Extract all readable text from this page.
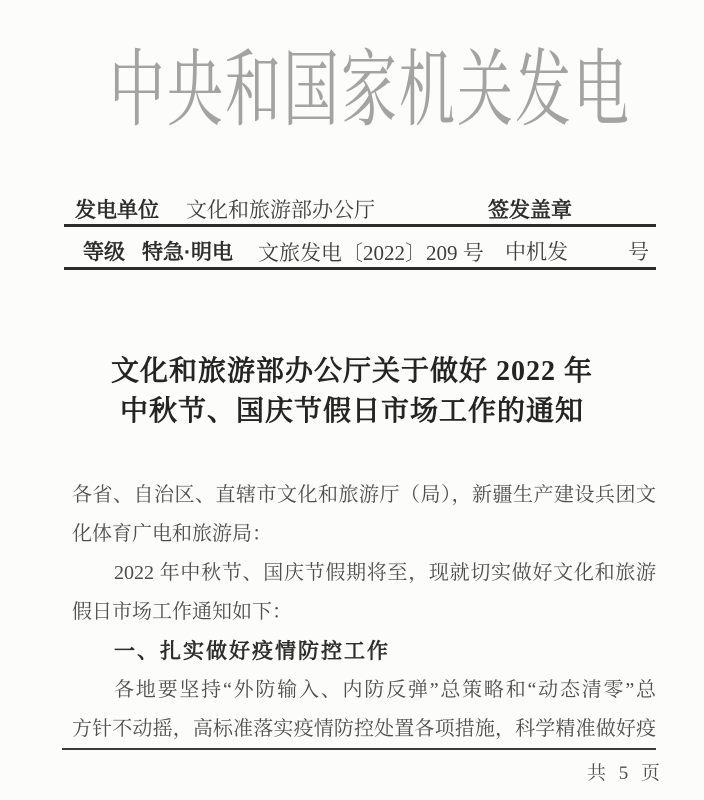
中央和国家机关发电
发电单位 文化和旅游部办公厅	签发盖章
等级 特急·明电 文旅发电〔2022〕209 号 中机发	号
文化和旅游部办公厅关于做好 2022 年
中秋节、国庆节假日市场工作的通知
各省、自治区、直辖市文化和旅游厅（局），新疆生产建设兵团文
化体育广电和旅游局：
2022 年中秋节、国庆节假期将至，现就切实做好文化和旅游
假日市场工作通知如下：
一、扎实做好疫情防控工作
各地要坚持“外防输入、内防反弹”总策略和“动态清零”总
方针不动摇，高标准落实疫情防控处置各项措施，科学精准做好疫
共 5 页
